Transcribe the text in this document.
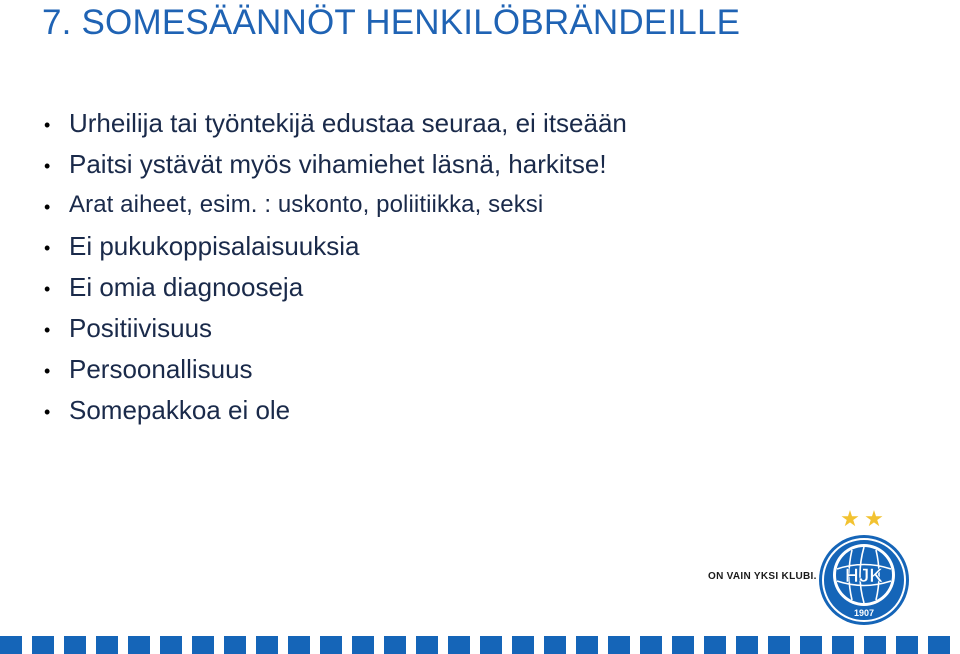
7. SOMESÄÄNNÖT HENKILÖBRÄNDEILLE
• Urheilija tai työntekijä edustaa seuraa, ei itseään
• Paitsi ystävät myös vihamiehet läsnä, harkitse!
• Arat aiheet, esim. : uskonto, poliitiikka, seksi
• Ei pukukoppisalaisuuksia
• Ei omia diagnooseja
• Positiivisuus
• Persoonallisuus
• Somepakkoa ei ole
ON VAIN YKSI KLUBI.
★ ★
HJK
1907
